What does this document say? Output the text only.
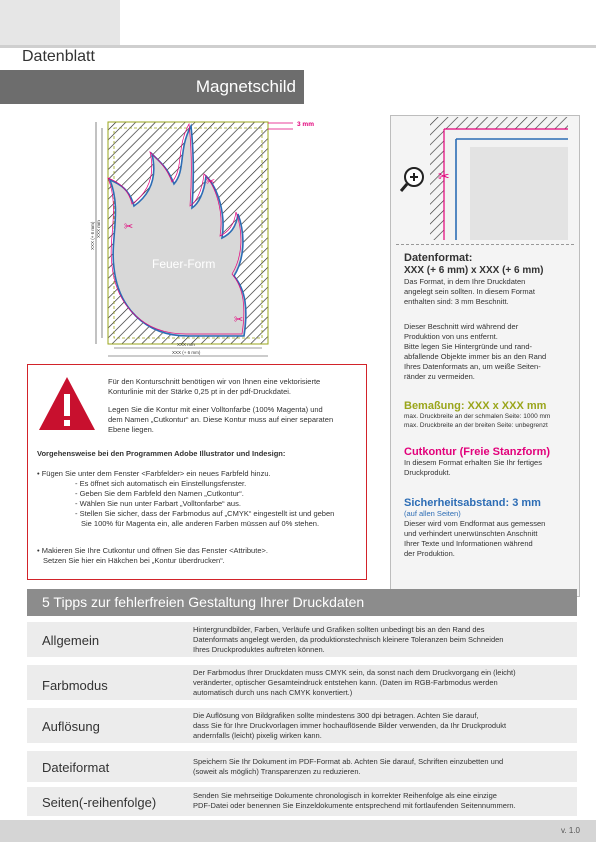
Datenblatt
Magnetschild
✂
✂
✂
Feuer-Form
3 mm
XXX (+ 6 mm) XXX mm
XXX mm
XXX (+ 6 mm)
✂
Datenformat:
XXX (+ 6 mm) x XXX (+ 6 mm)
Das Format, in dem Ihre Druckdaten
angelegt sein sollten. In diesem Format
enthalten sind: 3 mm Beschnitt.
Dieser Beschnitt wird während der
Produktion von uns entfernt.
Bitte legen Sie Hintergründe und rand-
abfallende Objekte immer bis an den Rand
Ihres Datenformats an, um weiße Seiten-
ränder zu vermeiden.
Bemaßung: XXX x XXX mm
max. Druckbreite an der schmalen Seite: 1000 mm
max. Druckbreite an der breiten Seite: unbegrenzt
Cutkontur (Freie Stanzform)
In diesem Format erhalten Sie Ihr fertiges
Druckprodukt.
Sicherheitsabstand: 3 mm
(auf allen Seiten)
Dieser wird vom Endformat aus gemessen
und verhindert unerwünschten Anschnitt
Ihrer Texte und Informationen während
der Produktion.
Für den Konturschnitt benötigen wir von Ihnen eine vektorisierte
Konturlinie mit der Stärke 0,25 pt in der pdf-Druckdatei.
Legen Sie die Kontur mit einer Volltonfarbe (100% Magenta) und
dem Namen „Cutkontur“ an. Diese Kontur muss auf einer separaten
Ebene liegen.
Vorgehensweise bei den Programmen Adobe Illustrator und Indesign:
• Fügen Sie unter dem Fenster <Farbfelder> ein neues Farbfeld hinzu.
- Es öffnet sich automatisch ein Einstellungsfenster.
- Geben Sie dem Farbfeld den Namen „Cutkontur“.
- Wählen Sie nun unter Farbart „Volltonfarbe“ aus.
- Stellen Sie sicher, dass der Farbmodus auf „CMYK“ eingestellt ist und geben
Sie 100% für Magenta ein, alle anderen Farben müssen auf 0% stehen.
• Makieren Sie Ihre Cutkontur und öffnen Sie das Fenster <Attribute>.
Setzen Sie hier ein Häkchen bei „Kontur überdrucken“.
5 Tipps zur fehlerfreien Gestaltung Ihrer Druckdaten
Allgemein
Hintergrundbilder, Farben, Verläufe und Grafiken sollten unbedingt bis an den Rand des
Datenformats angelegt werden, da produktionstechnisch kleinere Toleranzen beim Schneiden
Ihres Druckproduktes auftreten können.
Farbmodus
Der Farbmodus Ihrer Druckdaten muss CMYK sein, da sonst nach dem Druckvorgang ein (leicht)
veränderter, optischer Gesamteindruck entstehen kann. (Daten im RGB-Farbmodus werden
automatisch durch uns nach CMYK konvertiert.)
Auflösung
Die Auflösung von Bildgrafiken sollte mindestens 300 dpi betragen. Achten Sie darauf,
dass Sie für Ihre Druckvorlagen immer hochauflösende Bilder verwenden, da Ihr Druckprodukt
andernfalls (leicht) pixelig wirken kann.
Dateiformat	Speichern Sie Ihr Dokument im PDF-Format ab. Achten Sie darauf, Schriften einzubetten und
(soweit als möglich) Transparenzen zu reduzieren.
Seiten(-reihenfolge)	Senden Sie mehrseitige Dokumente chronologisch in korrekter Reihenfolge als eine einzige
PDF-Datei oder benennen Sie Einzeldokumente entsprechend mit fortlaufenden Seitennummern.
v. 1.0
